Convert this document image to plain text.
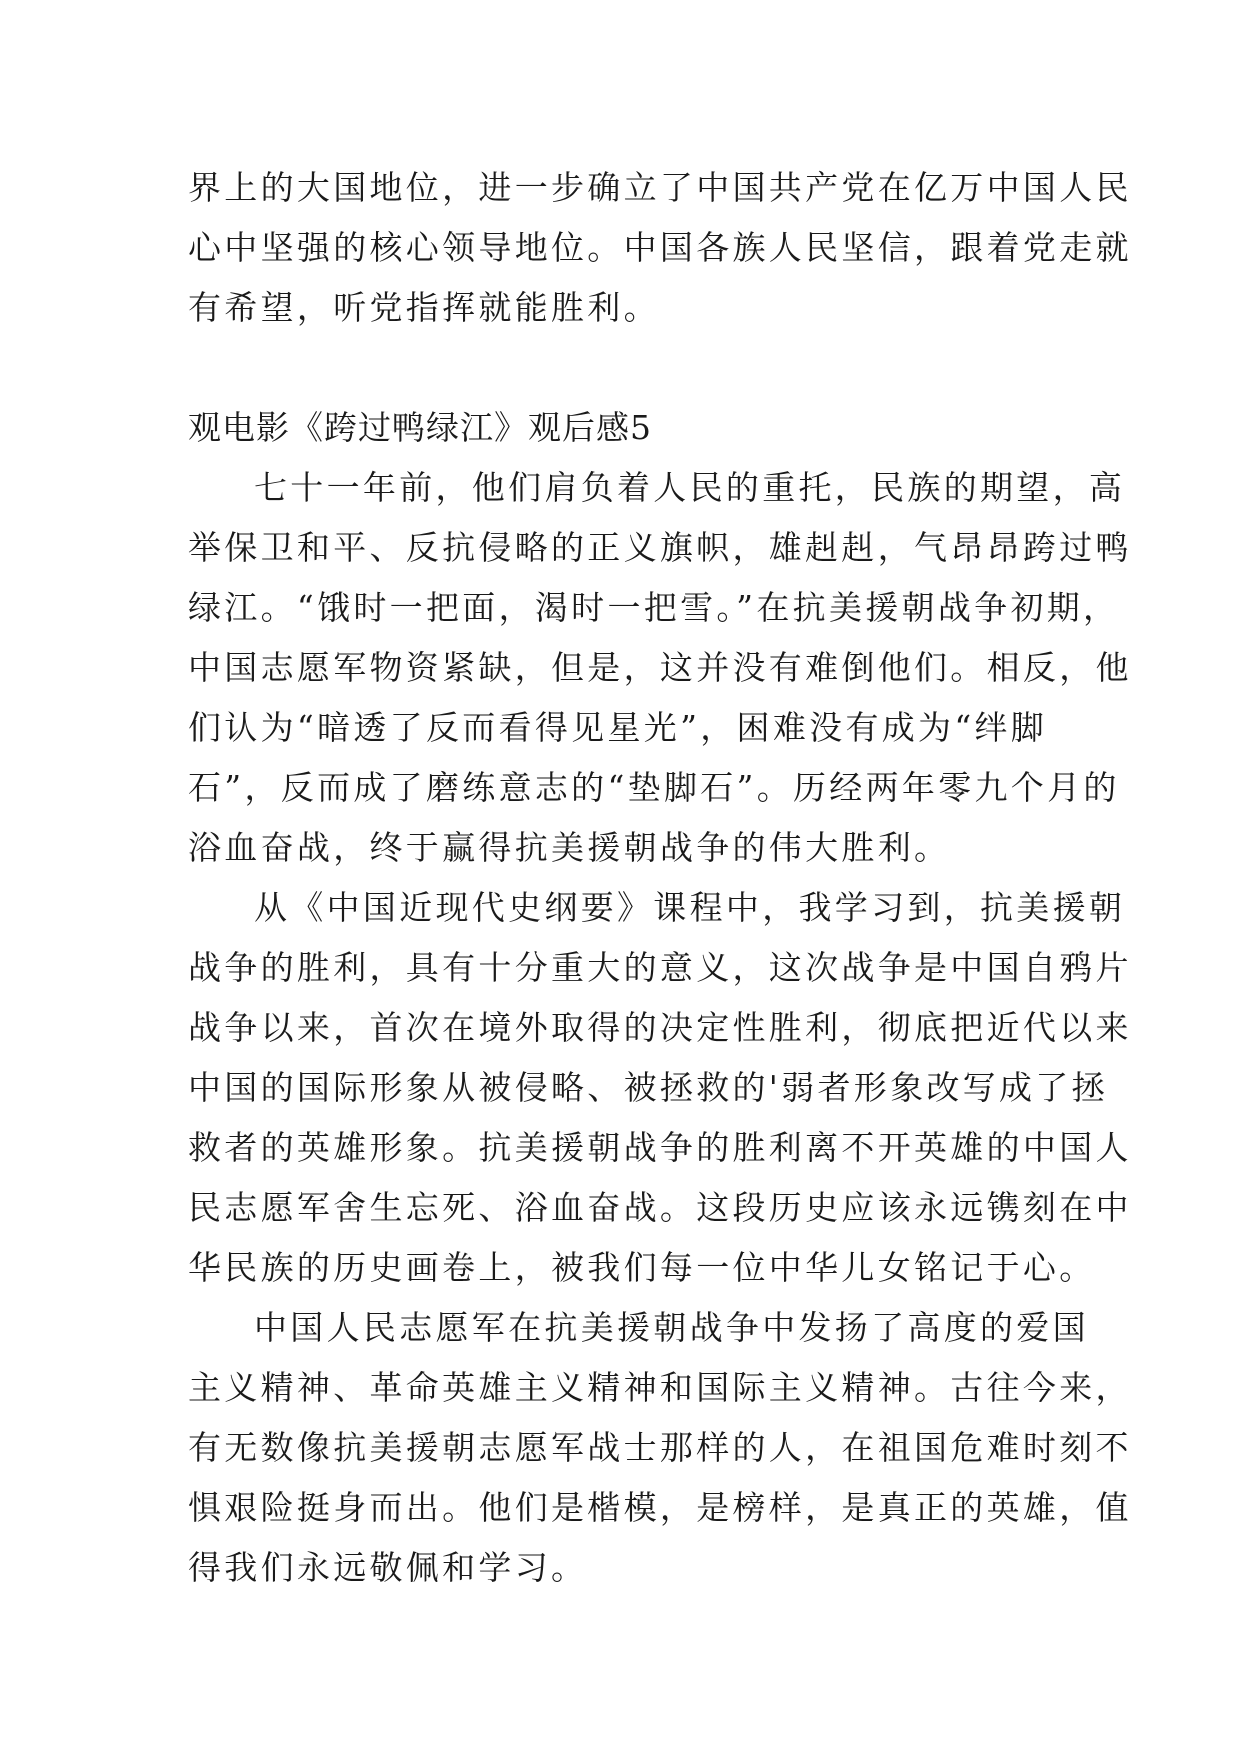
界上的大国地位，进一步确立了中国共产党在亿万中国人民
心中坚强的核心领导地位。中国各族人民坚信，跟着党走就
有希望，听党指挥就能胜利。

观电影《跨过鸭绿江》观后感5

七十一年前，他们肩负着人民的重托，民族的期望，高
举保卫和平、反抗侵略的正义旗帜，雄赳赳，气昂昂跨过鸭
绿江。“饿时一把面，渴时一把雪。”在抗美援朝战争初期，
中国志愿军物资紧缺，但是，这并没有难倒他们。相反，他
们认为“暗透了反而看得见星光”，困难没有成为“绊脚
石”，反而成了磨练意志的“垫脚石”。历经两年零九个月的
浴血奋战，终于赢得抗美援朝战争的伟大胜利。

从《中国近现代史纲要》课程中，我学习到，抗美援朝
战争的胜利，具有十分重大的意义，这次战争是中国自鸦片
战争以来，首次在境外取得的决定性胜利，彻底把近代以来
中国的国际形象从被侵略、被拯救的'弱者形象改写成了拯
救者的英雄形象。抗美援朝战争的胜利离不开英雄的中国人
民志愿军舍生忘死、浴血奋战。这段历史应该永远镌刻在中
华民族的历史画卷上，被我们每一位中华儿女铭记于心。

中国人民志愿军在抗美援朝战争中发扬了高度的爱国
主义精神、革命英雄主义精神和国际主义精神。古往今来，
有无数像抗美援朝志愿军战士那样的人，在祖国危难时刻不
惧艰险挺身而出。他们是楷模，是榜样，是真正的英雄，值
得我们永远敬佩和学习。
